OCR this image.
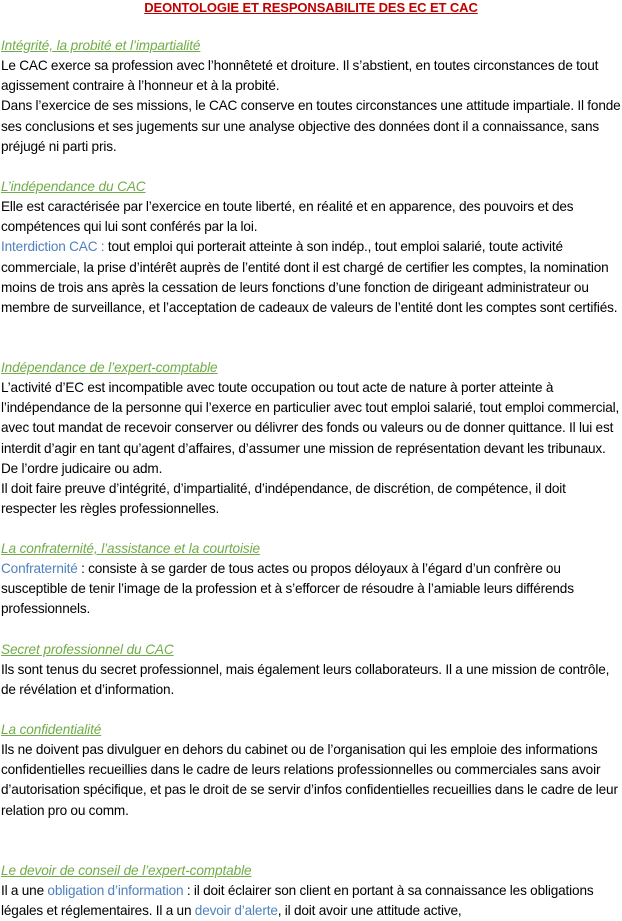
DEONTOLOGIE ET RESPONSABILITE DES EC ET CAC
Intégrité, la probité et l’impartialité

Le CAC exerce sa profession avec l’honnêteté et droiture. Il s’abstient, en toutes circonstances de tout agissement contraire à l’honneur et à la probité.

Dans l’exercice de ses missions, le CAC conserve en toutes circonstances une attitude impartiale. Il fonde ses conclusions et ses jugements sur une analyse objective des données dont il a connaissance, sans préjugé ni parti pris.

L’indépendance du CAC

Elle est caractérisée par l’exercice en toute liberté, en réalité et en apparence, des pouvoirs et des compétences qui lui sont conférés par la loi.

Interdiction CAC : tout emploi qui porterait atteinte à son indép., tout emploi salarié, toute activité commerciale, la prise d’intérêt auprès de l’entité dont il est chargé de certifier les comptes, la nomination moins de trois ans après la cessation de leurs fonctions d’une fonction de dirigeant administrateur ou membre de surveillance, et l’acceptation de cadeaux de valeurs de l’entité dont les comptes sont certifiés.

Indépendance de l’expert-comptable

L’activité d’EC est incompatible avec toute occupation ou tout acte de nature à porter atteinte à l’indépendance de la personne qui l’exerce en particulier avec tout emploi salarié, tout emploi commercial, avec tout mandat de recevoir conserver ou délivrer des fonds ou valeurs ou de donner quittance. Il lui est interdit d’agir en tant qu’agent d’affaires, d’assumer une mission de représentation devant les tribunaux. De l’ordre judicaire ou adm.

Il doit faire preuve d’intégrité, d’impartialité, d’indépendance, de discrétion, de compétence, il doit respecter les règles professionnelles.

La confraternité, l’assistance et la courtoisie

Confraternité : consiste à se garder de tous actes ou propos déloyaux à l’égard d’un confrère ou susceptible de tenir l’image de la profession et à s’efforcer de résoudre à l’amiable leurs différends professionnels.

Secret professionnel du CAC

Ils sont tenus du secret professionnel, mais également leurs collaborateurs. Il a une mission de contrôle, de révélation et d’information.

La confidentialité

Ils ne doivent pas divulguer en dehors du cabinet ou de l’organisation qui les emploie des informations confidentielles recueillies dans le cadre de leurs relations professionnelles ou commerciales sans avoir d’autorisation spécifique, et pas le droit de se servir d’infos confidentielles recueillies dans le cadre de leur relation pro ou comm.

Le devoir de conseil de l’expert-comptable

Il a une obligation d’information : il doit éclairer son client en portant à sa connaissance les obligations légales et réglementaires. Il a un devoir d’alerte, il doit avoir une attitude active,
